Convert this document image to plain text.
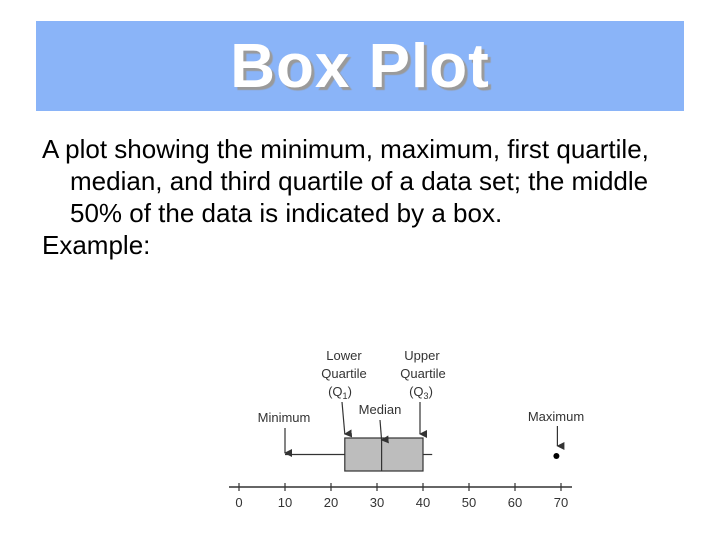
Box Plot

A plot showing the minimum, maximum, first quartile, median, and third quartile of a data set; the middle 50% of the data is indicated by a box.

Example:

Lower
Quartile
$(Q_1)$
Upper
Quartile
$(Q_3)$
Median
Minimum	Maximum
0	10 20 30 40 50 60 70
